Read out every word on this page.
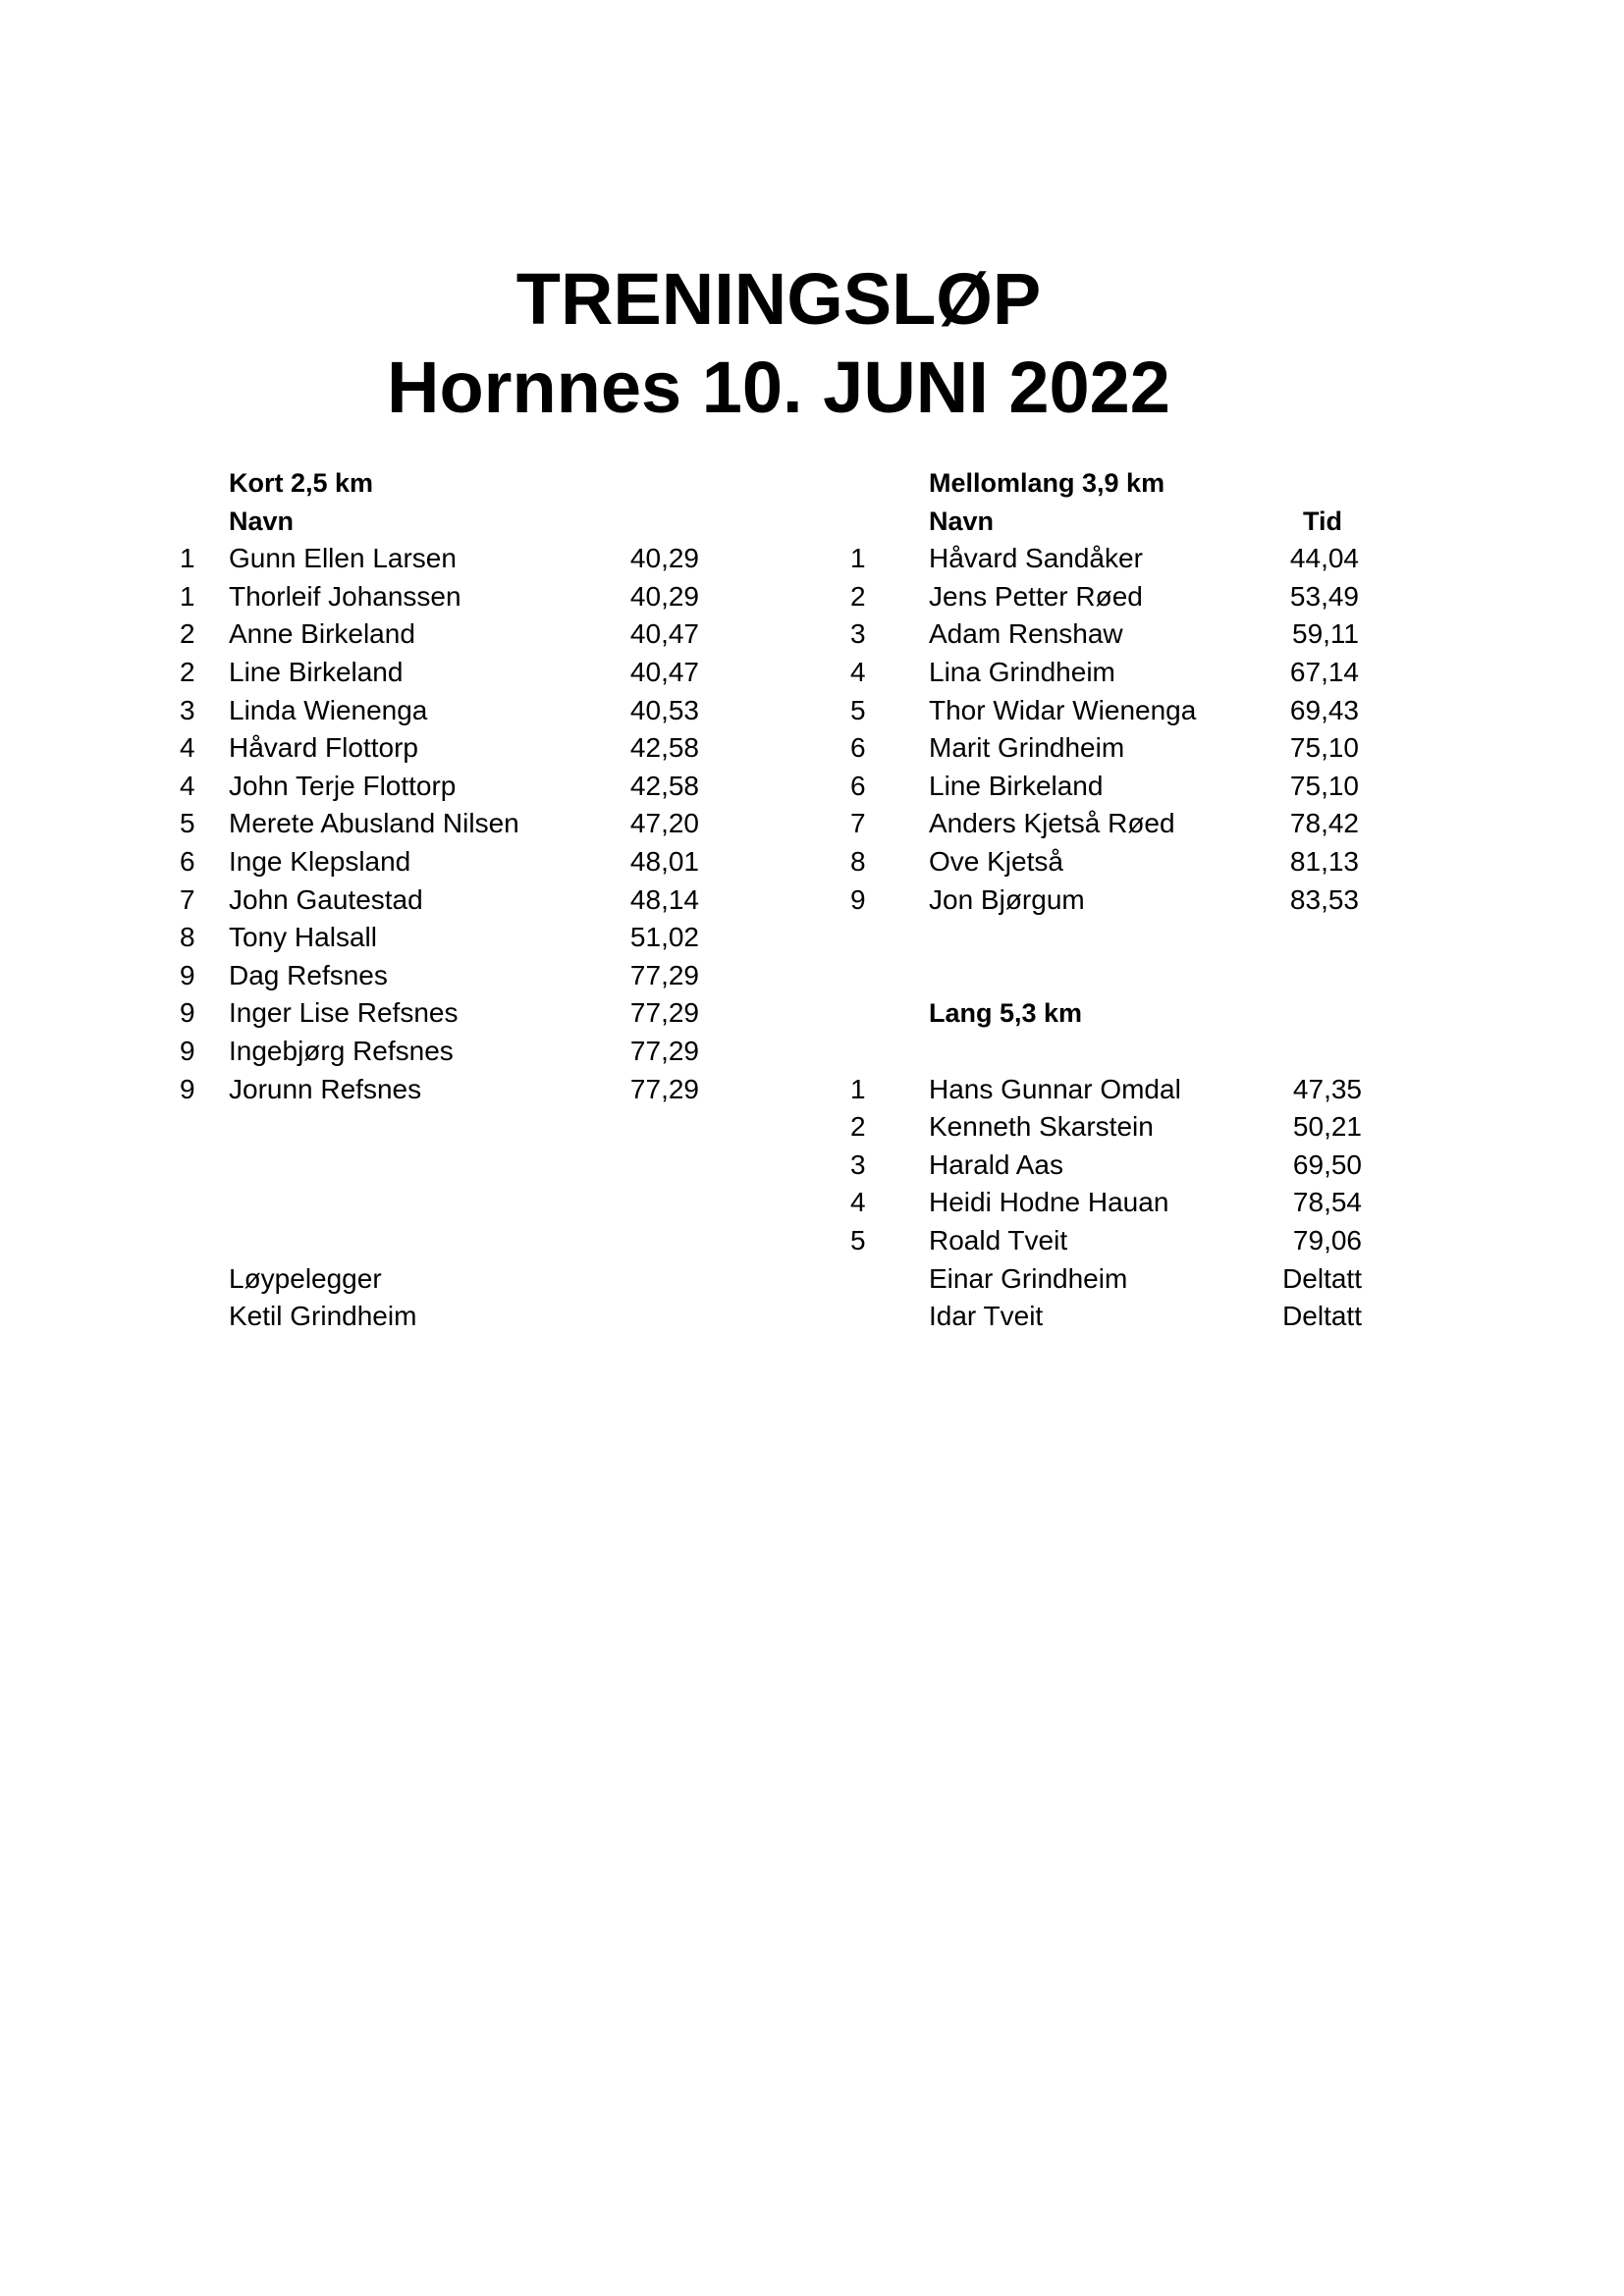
TRENINGSLØP
Hornnes 10. JUNI 2022
Kort 2,5 km
Navn
1	Gunn Ellen Larsen	40,29
1	Thorleif Johanssen	40,29
2	Anne Birkeland	40,47
2	Line Birkeland	40,47
3	Linda Wienenga	40,53
4	Håvard Flottorp	42,58
4	John Terje Flottorp	42,58
5	Merete Abusland Nilsen	47,20
6	Inge Klepsland	48,01
7	John Gautestad	48,14
8	Tony Halsall	51,02
9	Dag Refsnes	77,29
9	Inger Lise Refsnes	77,29
9	Ingebjørg Refsnes	77,29
9	Jorunn Refsnes	77,29
Løypelegger
Ketil Grindheim
Mellomlang 3,9 km
Navn	Tid
1	Håvard Sandåker	44,04
2	Jens Petter Røed	53,49
3	Adam Renshaw	59,11
4	Lina Grindheim	67,14
5	Thor Widar Wienenga	69,43
6	Marit Grindheim	75,10
6	Line Birkeland	75,10
7	Anders Kjetså Røed	78,42
8	Ove Kjetså	81,13
9	Jon Bjørgum	83,53
Lang 5,3 km
1	Hans Gunnar Omdal	47,35
2	Kenneth Skarstein	50,21
3	Harald Aas	69,50
4	Heidi Hodne Hauan	78,54
5	Roald Tveit	79,06
Einar Grindheim	Deltatt
Idar Tveit	Deltatt
